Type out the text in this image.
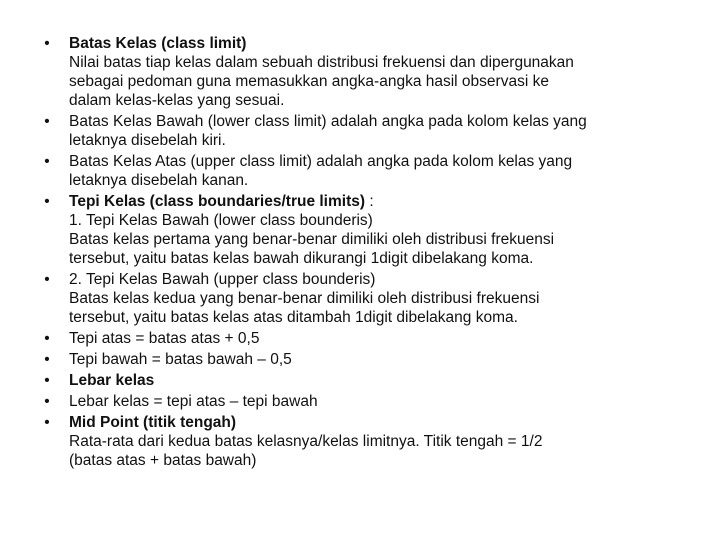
• Batas Kelas (class limit)
Nilai batas tiap kelas dalam sebuah distribusi frekuensi dan dipergunakan
sebagai pedoman guna memasukkan angka-angka hasil observasi ke
dalam kelas-kelas yang sesuai.
• Batas Kelas Bawah (lower class limit) adalah angka pada kolom kelas yang
letaknya disebelah kiri.
• Batas Kelas Atas (upper class limit) adalah angka pada kolom kelas yang
letaknya disebelah kanan.
• Tepi Kelas (class boundaries/true limits) :
1. Tepi Kelas Bawah (lower class bounderis)
Batas kelas pertama yang benar-benar dimiliki oleh distribusi frekuensi
tersebut, yaitu batas kelas bawah dikurangi 1digit dibelakang koma.
• 2. Tepi Kelas Bawah (upper class bounderis)
Batas kelas kedua yang benar-benar dimiliki oleh distribusi frekuensi
tersebut, yaitu batas kelas atas ditambah 1digit dibelakang koma.
• Tepi atas = batas atas + 0,5
• Tepi bawah = batas bawah – 0,5
• Lebar kelas
• Lebar kelas = tepi atas – tepi bawah
• Mid Point (titik tengah)
Rata-rata dari kedua batas kelasnya/kelas limitnya. Titik tengah = 1/2
(batas atas + batas bawah)
